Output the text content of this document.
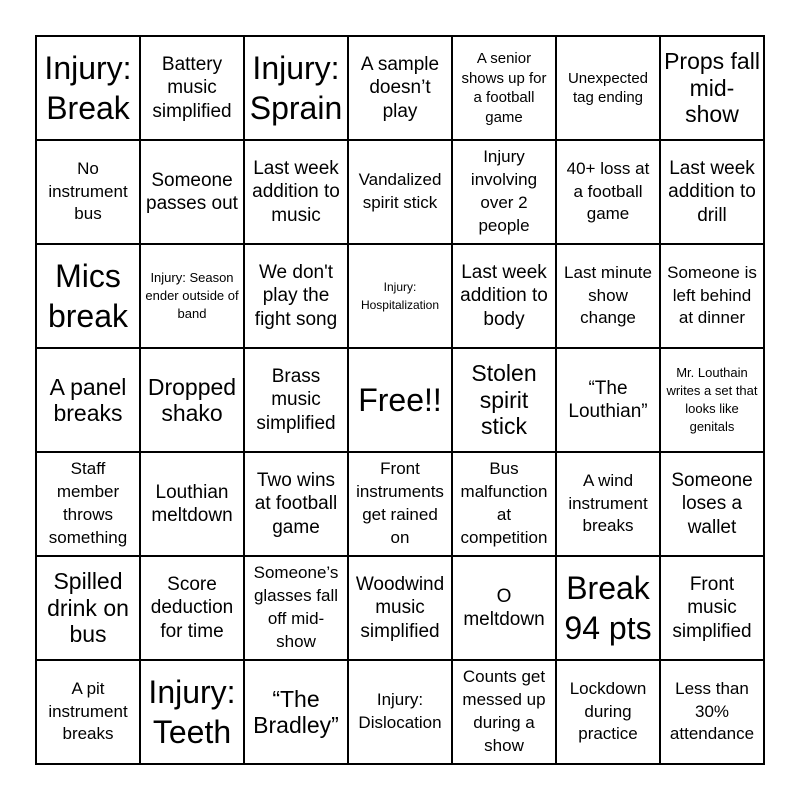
Injury: Break
Battery music simplified
Injury: Sprain
A sample doesn’t play
A senior shows up for a football game
Unexpected tag ending
Props fall mid-show
No instrument bus
Someone passes out
Last week addition to music
Vandalized spirit stick
Injury involving over 2 people
40+ loss at a football game
Last week addition to drill
Mics break
Injury: Season ender outside of band
We don't play the fight song
Injury: Hospitalization
Last week addition to body
Last minute show change
Someone is left behind at dinner
A panel breaks
Dropped shako
Brass music simplified
Free!!
Stolen spirit stick
“The Louthian”
Mr. Louthain writes a set that looks like genitals
Staff member throws something
Louthian meltdown
Two wins at football game
Front instruments get rained on
Bus malfunction at competition
A wind instrument breaks
Someone loses a wallet
Spilled drink on bus
Score deduction for time
Someone’s glasses fall off mid-show
Woodwind music simplified
O meltdown
Break 94 pts
Front music simplified
A pit instrument breaks
Injury: Teeth
“The Bradley”
Injury: Dislocation
Counts get messed up during a show
Lockdown during practice
Less than 30% attendance
